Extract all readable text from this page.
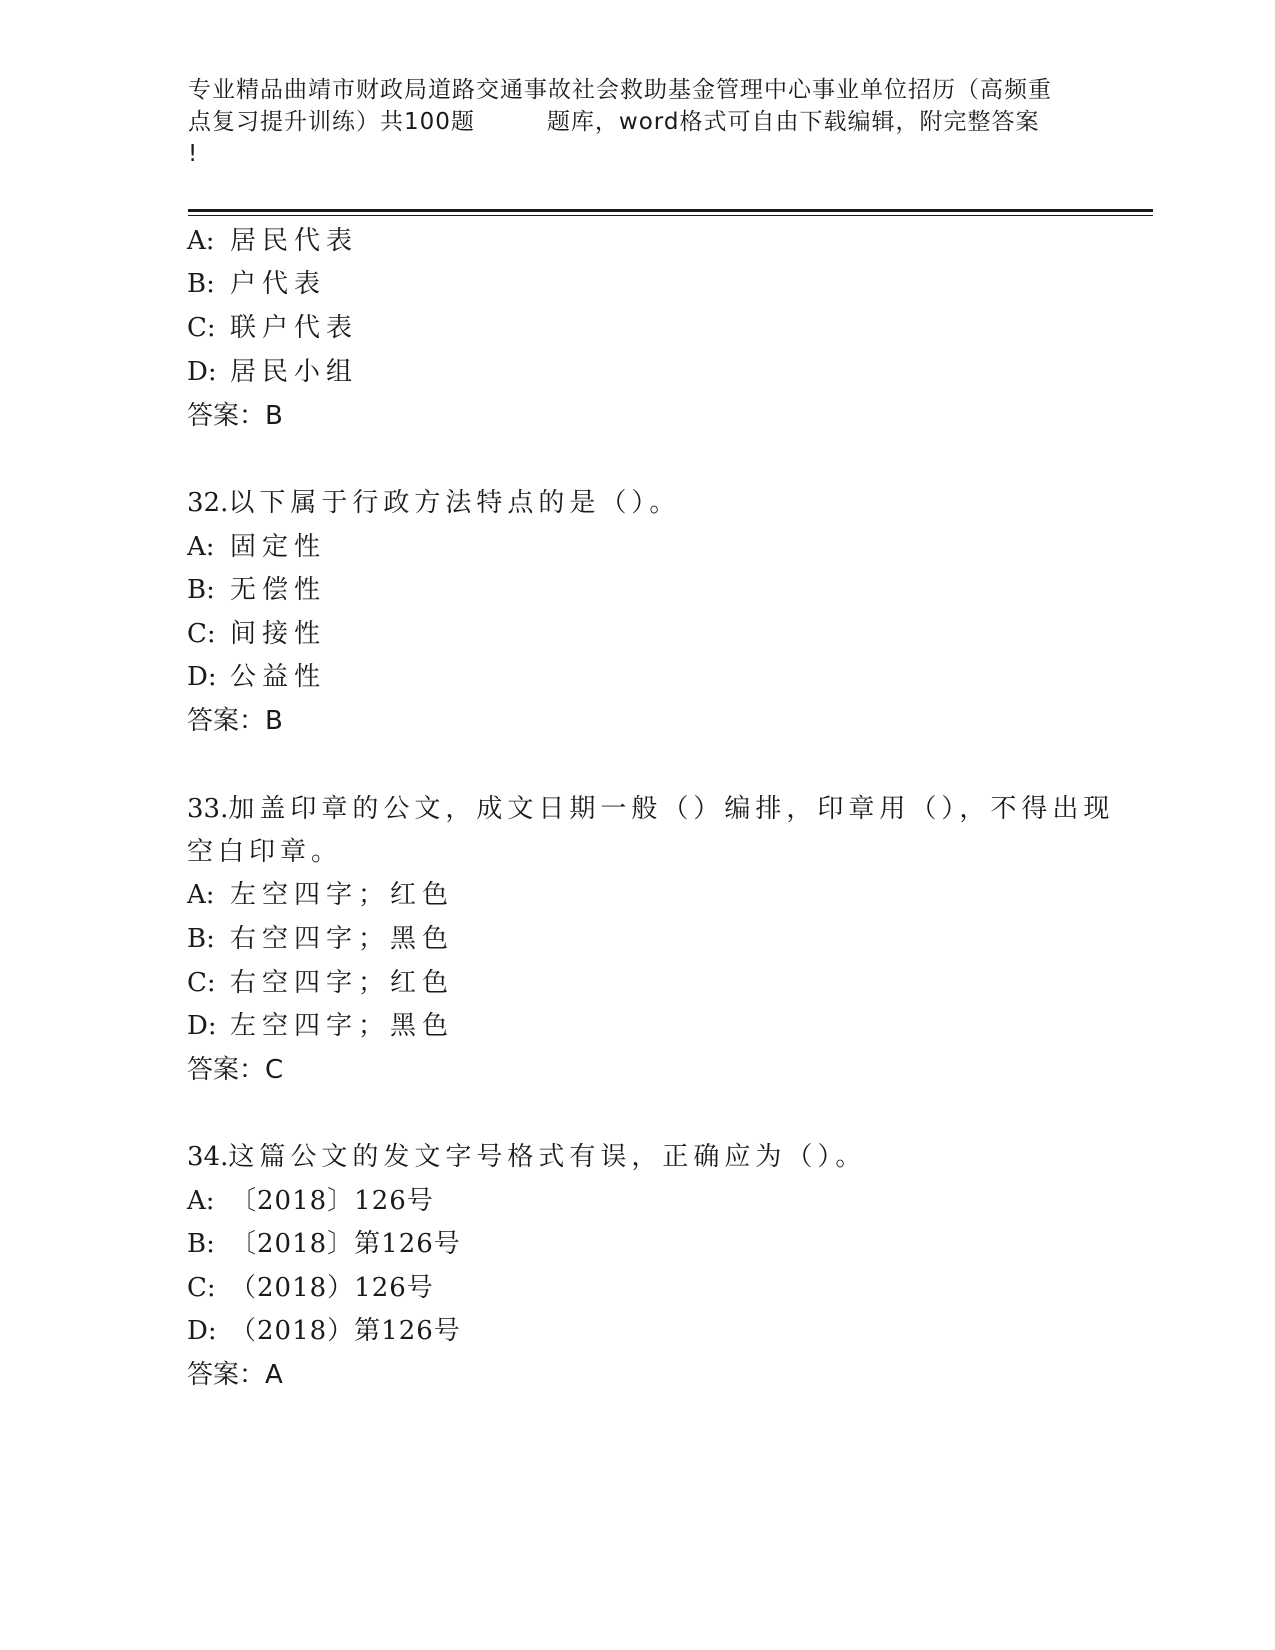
专业精品曲靖市财政局道路交通事故社会救助基金管理中心事业单位招历（高频重
点复习提升训练）共100题	题库，word格式可自由下载编辑，附完整答案
!
A: 居民代表
B: 户代表
C: 联户代表
D: 居民小组
答案：B
32.以下属于行政方法特点的是（）。
A: 固定性
B: 无偿性
C: 间接性
D: 公益性
答案：B
33.加盖印章的公文，成文日期一般（）编排，印章用（），不得出现
空白印章。
A: 左空四字；红色
B: 右空四字；黑色
C: 右空四字；红色
D: 左空四字；黑色
答案：C
34.这篇公文的发文字号格式有误，正确应为（）。
A: 〔2018〕126号
B: 〔2018〕第126号
C: （2018）126号
D: （2018）第126号
答案：A
